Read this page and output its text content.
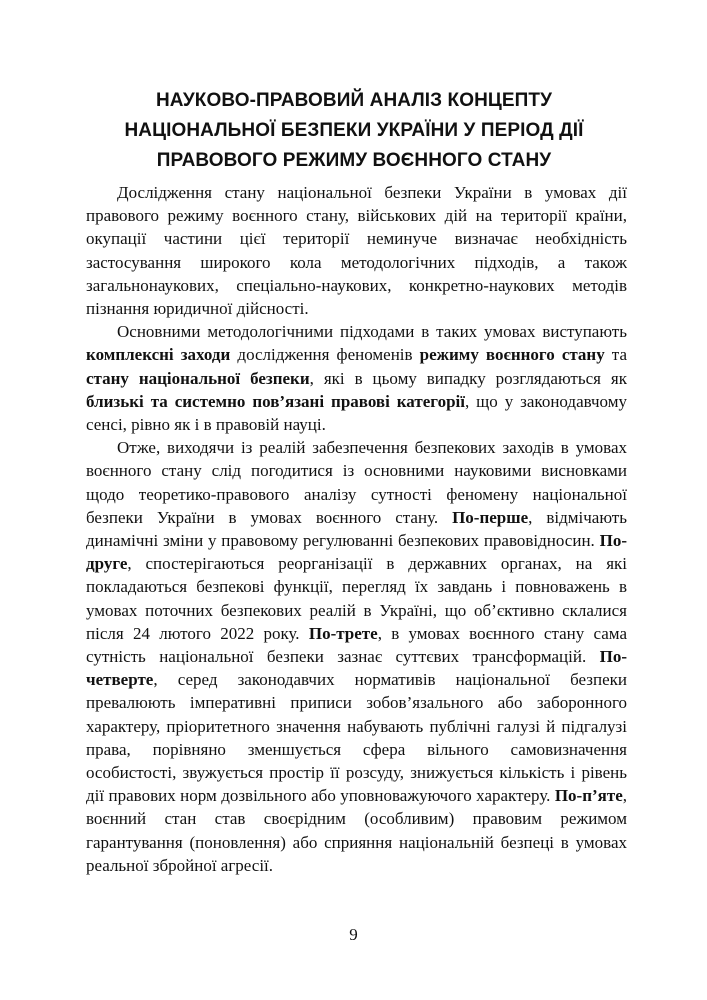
НАУКОВО-ПРАВОВИЙ АНАЛІЗ КОНЦЕПТУ
НАЦІОНАЛЬНОЇ БЕЗПЕКИ УКРАЇНИ У ПЕРІОД ДІЇ
ПРАВОВОГО РЕЖИМУ ВОЄННОГО СТАНУ

Дослідження стану національної безпеки України в умовах дії правового режиму воєнного стану, військових дій на території країни, окупації частини цієї території неминуче визначає необхідність застосування широкого кола методологічних підходів, а також загальнонаукових, спеціально-наукових, конкретно-наукових методів пізнання юридичної дійсності.

Основними методологічними підходами в таких умовах виступають комплексні заходи дослідження феноменів режиму воєнного стану та стану національної безпеки, які в цьому випадку розглядаються як близькі та системно пов’язані правові категорії, що у законодавчому сенсі, рівно як і в правовій науці.

Отже, виходячи із реалій забезпечення безпекових заходів в умовах воєнного стану слід погодитися із основними науковими висновками щодо теоретико-правового аналізу сутності феномену національної безпеки України в умовах воєнного стану. По-перше, відмічають динамічні зміни у правовому регулюванні безпекових правовідносин. По-друге, спостерігаються реорганізації в державних органах, на які покладаються безпекові функції, перегляд їх завдань і повноважень в умовах поточних безпекових реалій в Україні, що об’єктивно склалися після 24 лютого 2022 року. По-трете, в умовах воєнного стану сама сутність національної безпеки зазнає суттєвих трансформацій. По-четверте, серед законодавчих нормативів національної безпеки превалюють імперативні приписи зобов’язального або заборонного характеру, пріоритетного значення набувають публічні галузі й підгалузі права, порівняно зменшується сфера вільного самовизначення особистості, звужується простір її розсуду, знижується кількість і рівень дії правових норм дозвільного або уповноважуючого характеру. По-п’яте, воєнний стан став своєрідним (особливим) правовим режимом гарантування (поновлення) або сприяння національній безпеці в умовах реальної збройної агресії.

9
